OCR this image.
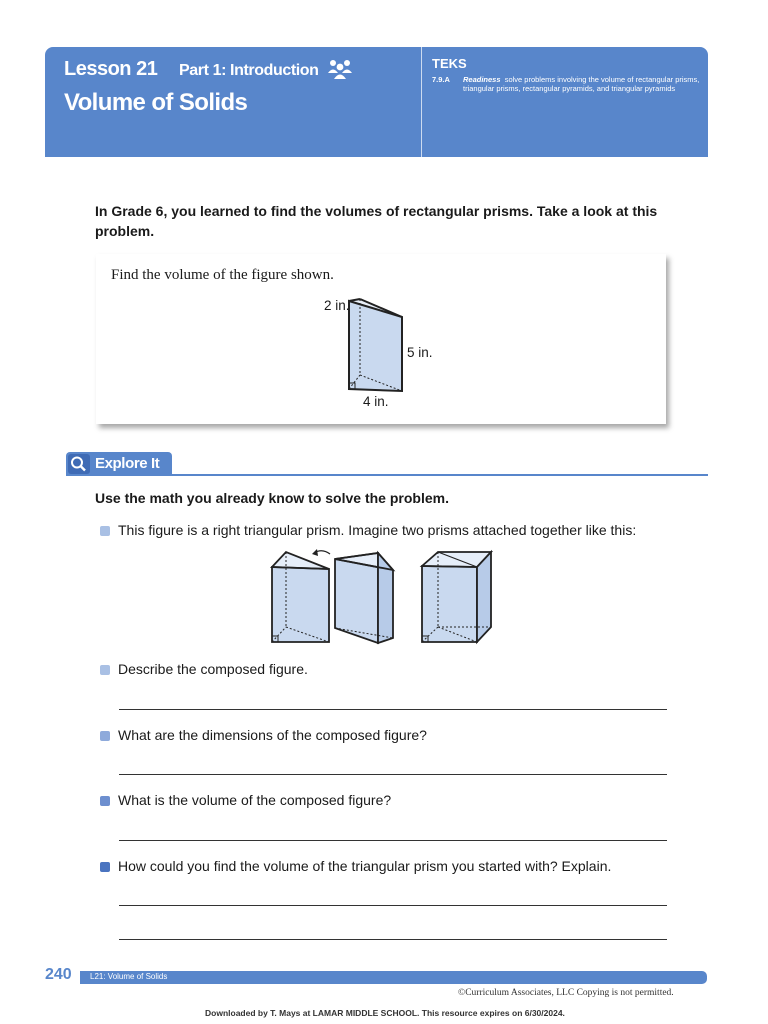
Lesson 21 Part 1: Introduction
Volume of Solids
TEKS
7.9.A Readiness solve problems involving the volume of rectangular prisms, triangular prisms, rectangular pyramids, and triangular pyramids
In Grade 6, you learned to find the volumes of rectangular prisms. Take a look at this problem.
Find the volume of the figure shown.
2 in.
5 in.
4 in.
Explore It
Use the math you already know to solve the problem.
This figure is a right triangular prism. Imagine two prisms attached together like this:
Describe the composed figure.
What are the dimensions of the composed figure?
What is the volume of the composed figure?
How could you find the volume of the triangular prism you started with? Explain.
240 L21: Volume of Solids
©Curriculum Associates, LLC Copying is not permitted.
Downloaded by T. Mays at LAMAR MIDDLE SCHOOL. This resource expires on 6/30/2024.
